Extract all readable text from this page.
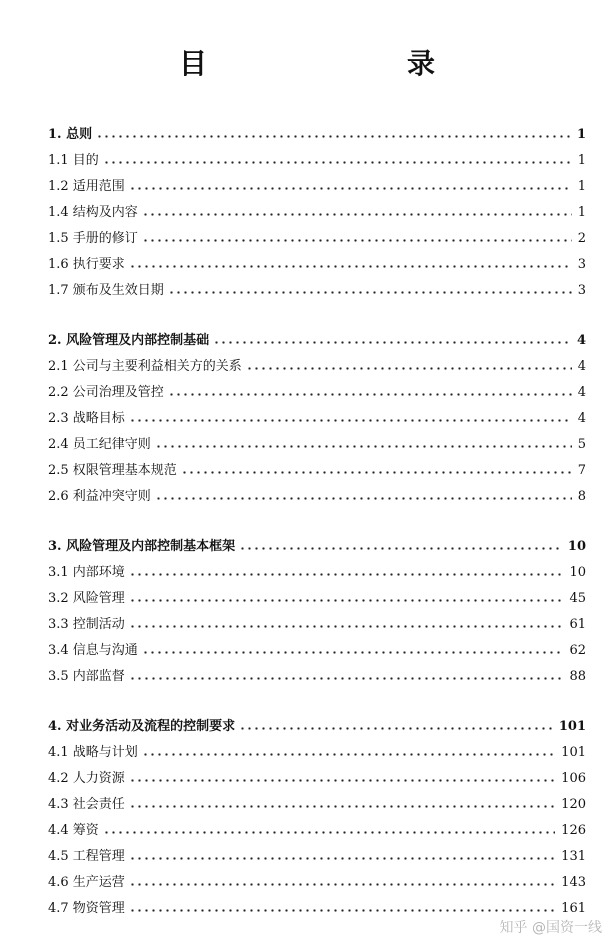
目　　录
1. 总则	1
1.1 目的	1
1.2 适用范围	1
1.4 结构及内容	1
1.5 手册的修订	2
1.6 执行要求	3
1.7 颁布及生效日期	3
2. 风险管理及内部控制基础	4
2.1 公司与主要利益相关方的关系	4
2.2 公司治理及管控	4
2.3 战略目标	4
2.4 员工纪律守则	5
2.5 权限管理基本规范	7
2.6 利益冲突守则	8
3. 风险管理及内部控制基本框架	10
3.1 内部环境	10
3.2 风险管理	45
3.3 控制活动	61
3.4 信息与沟通	62
3.5 内部监督	88
4. 对业务活动及流程的控制要求	101
4.1 战略与计划	101
4.2 人力资源	106
4.3 社会责任	120
4.4 筹资	126
4.5 工程管理	131
4.6 生产运营	143
4.7 物资管理	161
知乎 @国资一线
